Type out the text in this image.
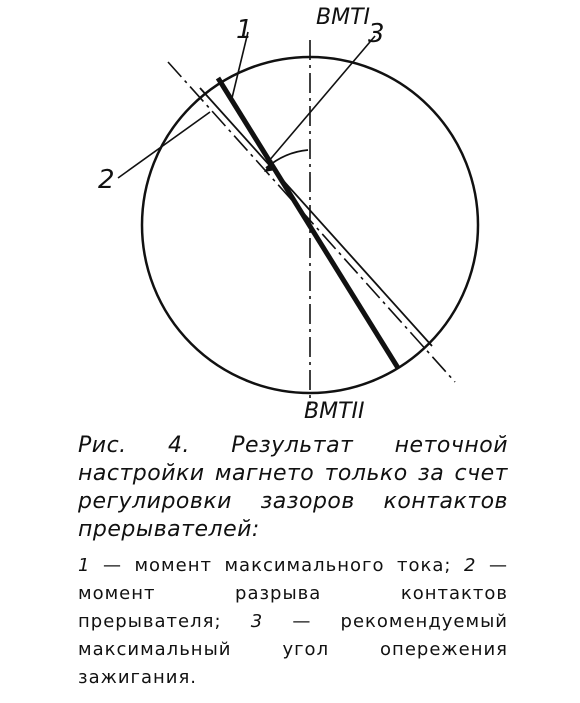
1
2
3
ВМТI
ВМТII
Рис. 4. Результат неточной настройки магнето только за счет регулировки зазоров контактов прерывателей:
1 — момент максимального тока; 2 — момент разрыва контактов прерывателя; 3 — рекомендуемый максимальный угол опережения зажигания.
